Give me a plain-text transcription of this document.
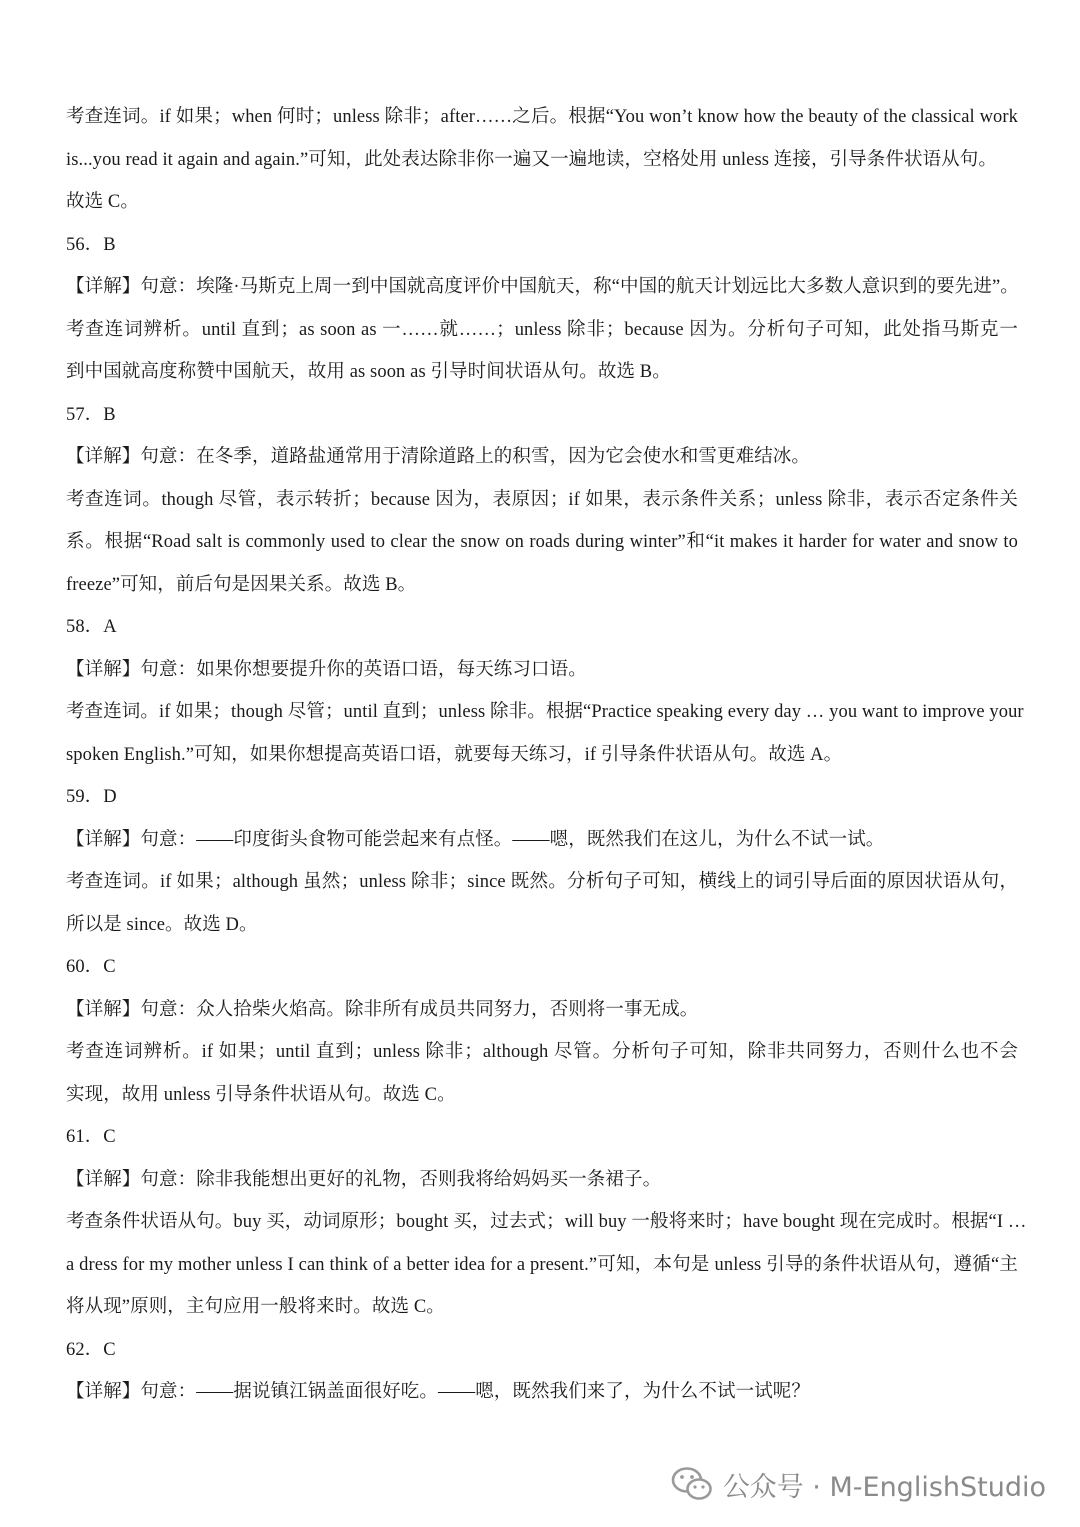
考查连词。if 如果；when 何时；unless 除非；after……之后。根据“You won’t know how the beauty of the classical work
is...you read it again and again.”可知，此处表达除非你一遍又一遍地读，空格处用 unless 连接，引导条件状语从句。
故选 C。
56．B
【详解】句意：埃隆·马斯克上周一到中国就高度评价中国航天，称“中国的航天计划远比大多数人意识到的要先进”。
考查连词辨析。until 直到；as soon as 一……就……；unless 除非；because 因为。分析句子可知，此处指马斯克一
到中国就高度称赞中国航天，故用 as soon as 引导时间状语从句。故选 B。
57．B
【详解】句意：在冬季，道路盐通常用于清除道路上的积雪，因为它会使水和雪更难结冰。
考查连词。though 尽管，表示转折；because 因为，表原因；if 如果，表示条件关系；unless 除非，表示否定条件关
系。根据“Road salt is commonly used to clear the snow on roads during winter”和“it makes it harder for water and snow to
freeze”可知，前后句是因果关系。故选 B。
58．A
【详解】句意：如果你想要提升你的英语口语，每天练习口语。
考查连词。if 如果；though 尽管；until 直到；unless 除非。根据“Practice speaking every day … you want to improve your
spoken English.”可知，如果你想提高英语口语，就要每天练习，if 引导条件状语从句。故选 A。
59．D
【详解】句意：——印度街头食物可能尝起来有点怪。——嗯，既然我们在这儿，为什么不试一试。
考查连词。if 如果；although 虽然；unless 除非；since 既然。分析句子可知，横线上的词引导后面的原因状语从句，
所以是 since。故选 D。
60．C
【详解】句意：众人拾柴火焰高。除非所有成员共同努力，否则将一事无成。
考查连词辨析。if 如果；until 直到；unless 除非；although 尽管。分析句子可知，除非共同努力，否则什么也不会
实现，故用 unless 引导条件状语从句。故选 C。
61．C
【详解】句意：除非我能想出更好的礼物，否则我将给妈妈买一条裙子。
考查条件状语从句。buy 买，动词原形；bought 买，过去式；will buy 一般将来时；have bought 现在完成时。根据“I …
a dress for my mother unless I can think of a better idea for a present.”可知，本句是 unless 引导的条件状语从句，遵循“主
将从现”原则，主句应用一般将来时。故选 C。
62．C
【详解】句意：——据说镇江锅盖面很好吃。——嗯，既然我们来了，为什么不试一试呢？
公众号 · M-EnglishStudio
